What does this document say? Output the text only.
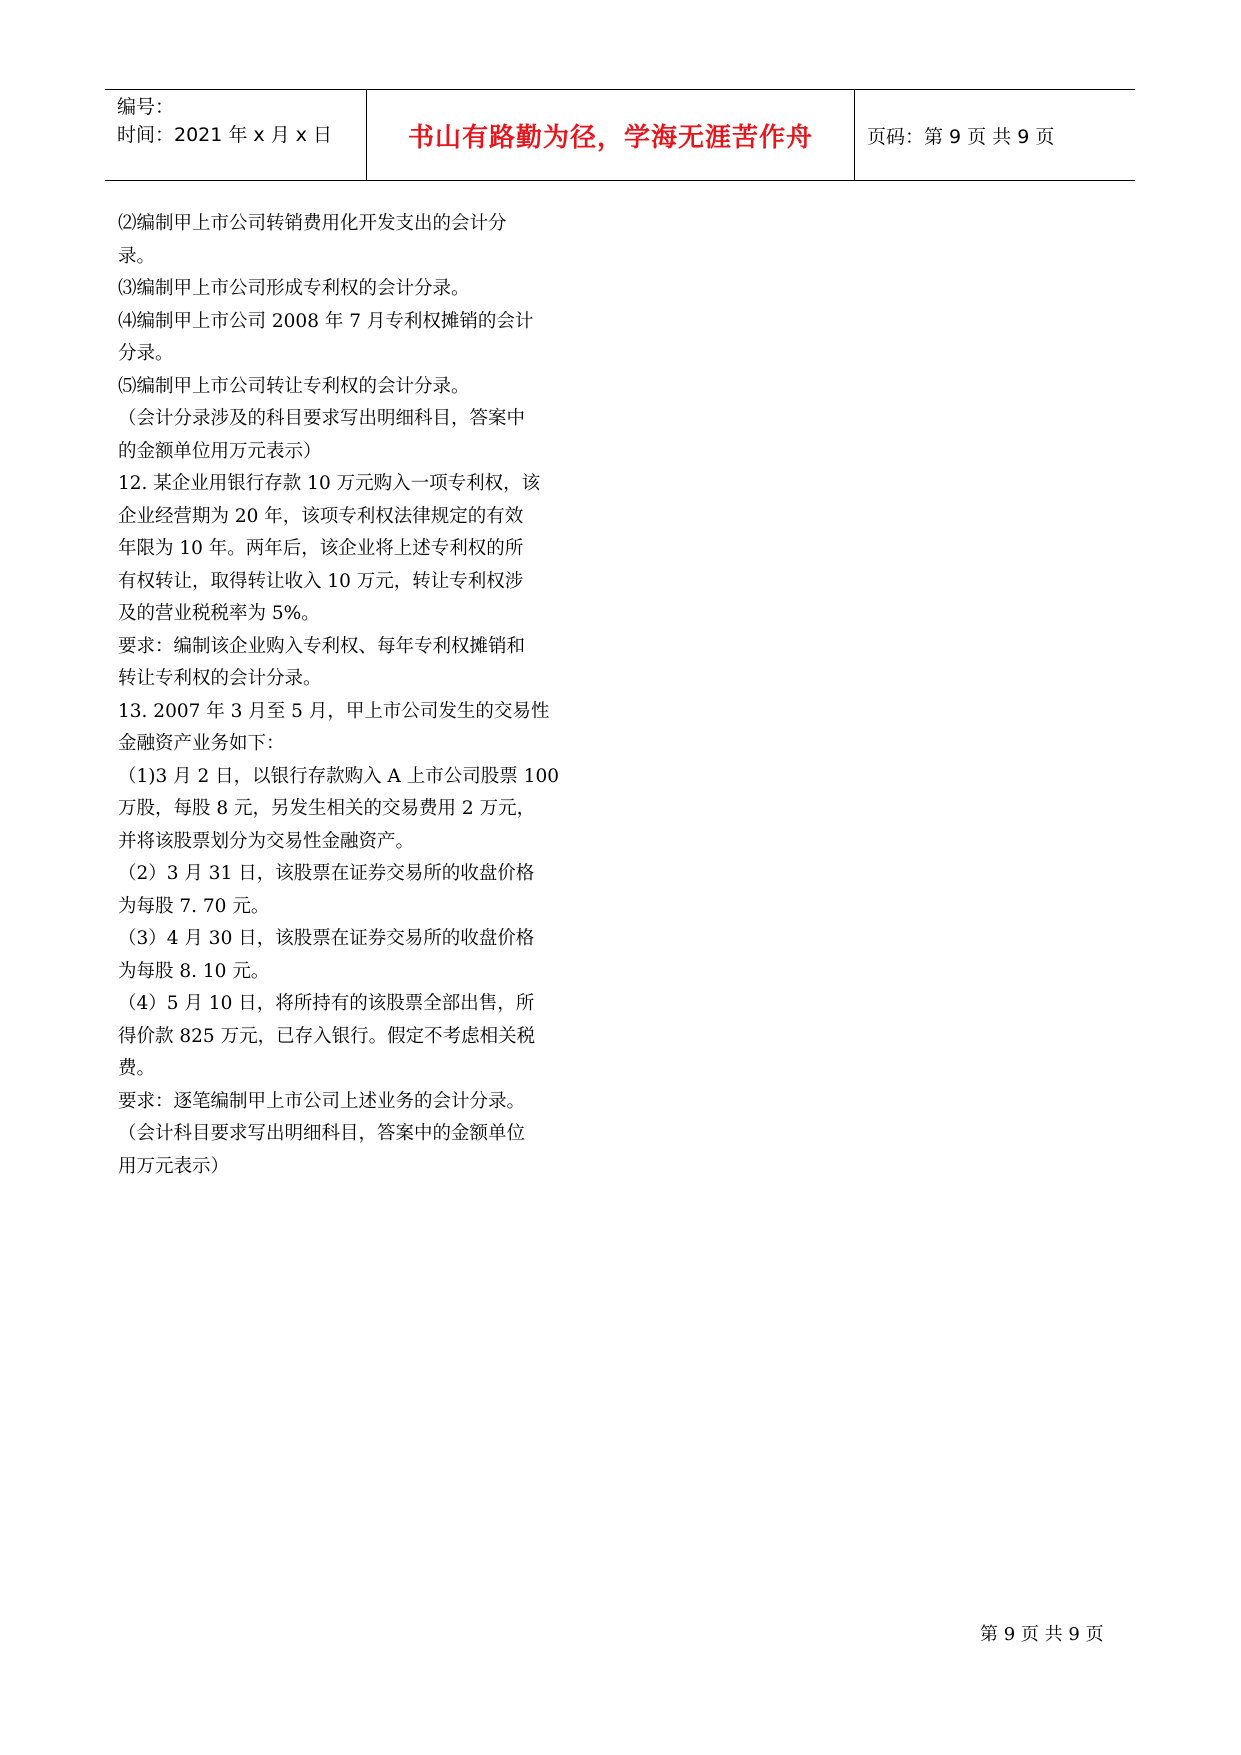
编号：
时间：2021 年 x 月 x 日	书山有路勤为径，学海无涯苦作舟	页码：第 9 页 共 9 页

⑵编制甲上市公司转销费用化开发支出的会计分

录。

⑶编制甲上市公司形成专利权的会计分录。

⑷编制甲上市公司 2008 年 7 月专利权摊销的会计

分录。

⑸编制甲上市公司转让专利权的会计分录。

（会计分录涉及的科目要求写出明细科目，答案中

的金额单位用万元表示）

12. 某企业用银行存款 10 万元购入一项专利权，该

企业经营期为 20 年，该项专利权法律规定的有效

年限为 10 年。两年后，该企业将上述专利权的所

有权转让，取得转让收入 10 万元，转让专利权涉

及的营业税税率为 5%。

要求：编制该企业购入专利权、每年专利权摊销和

转让专利权的会计分录。

13. 2007 年 3 月至 5 月，甲上市公司发生的交易性

金融资产业务如下：

（1)3 月 2 日，以银行存款购入 A 上市公司股票 100

万股，每股 8 元，另发生相关的交易费用 2 万元，

并将该股票划分为交易性金融资产。

（2）3 月 31 日，该股票在证券交易所的收盘价格

为每股 7. 70 元。

（3）4 月 30 日，该股票在证券交易所的收盘价格

为每股 8. 10 元。

（4）5 月 10 日，将所持有的该股票全部出售，所

得价款 825 万元，已存入银行。假定不考虑相关税

费。

要求：逐笔编制甲上市公司上述业务的会计分录。

（会计科目要求写出明细科目，答案中的金额单位

用万元表示）

第 9 页 共 9 页
